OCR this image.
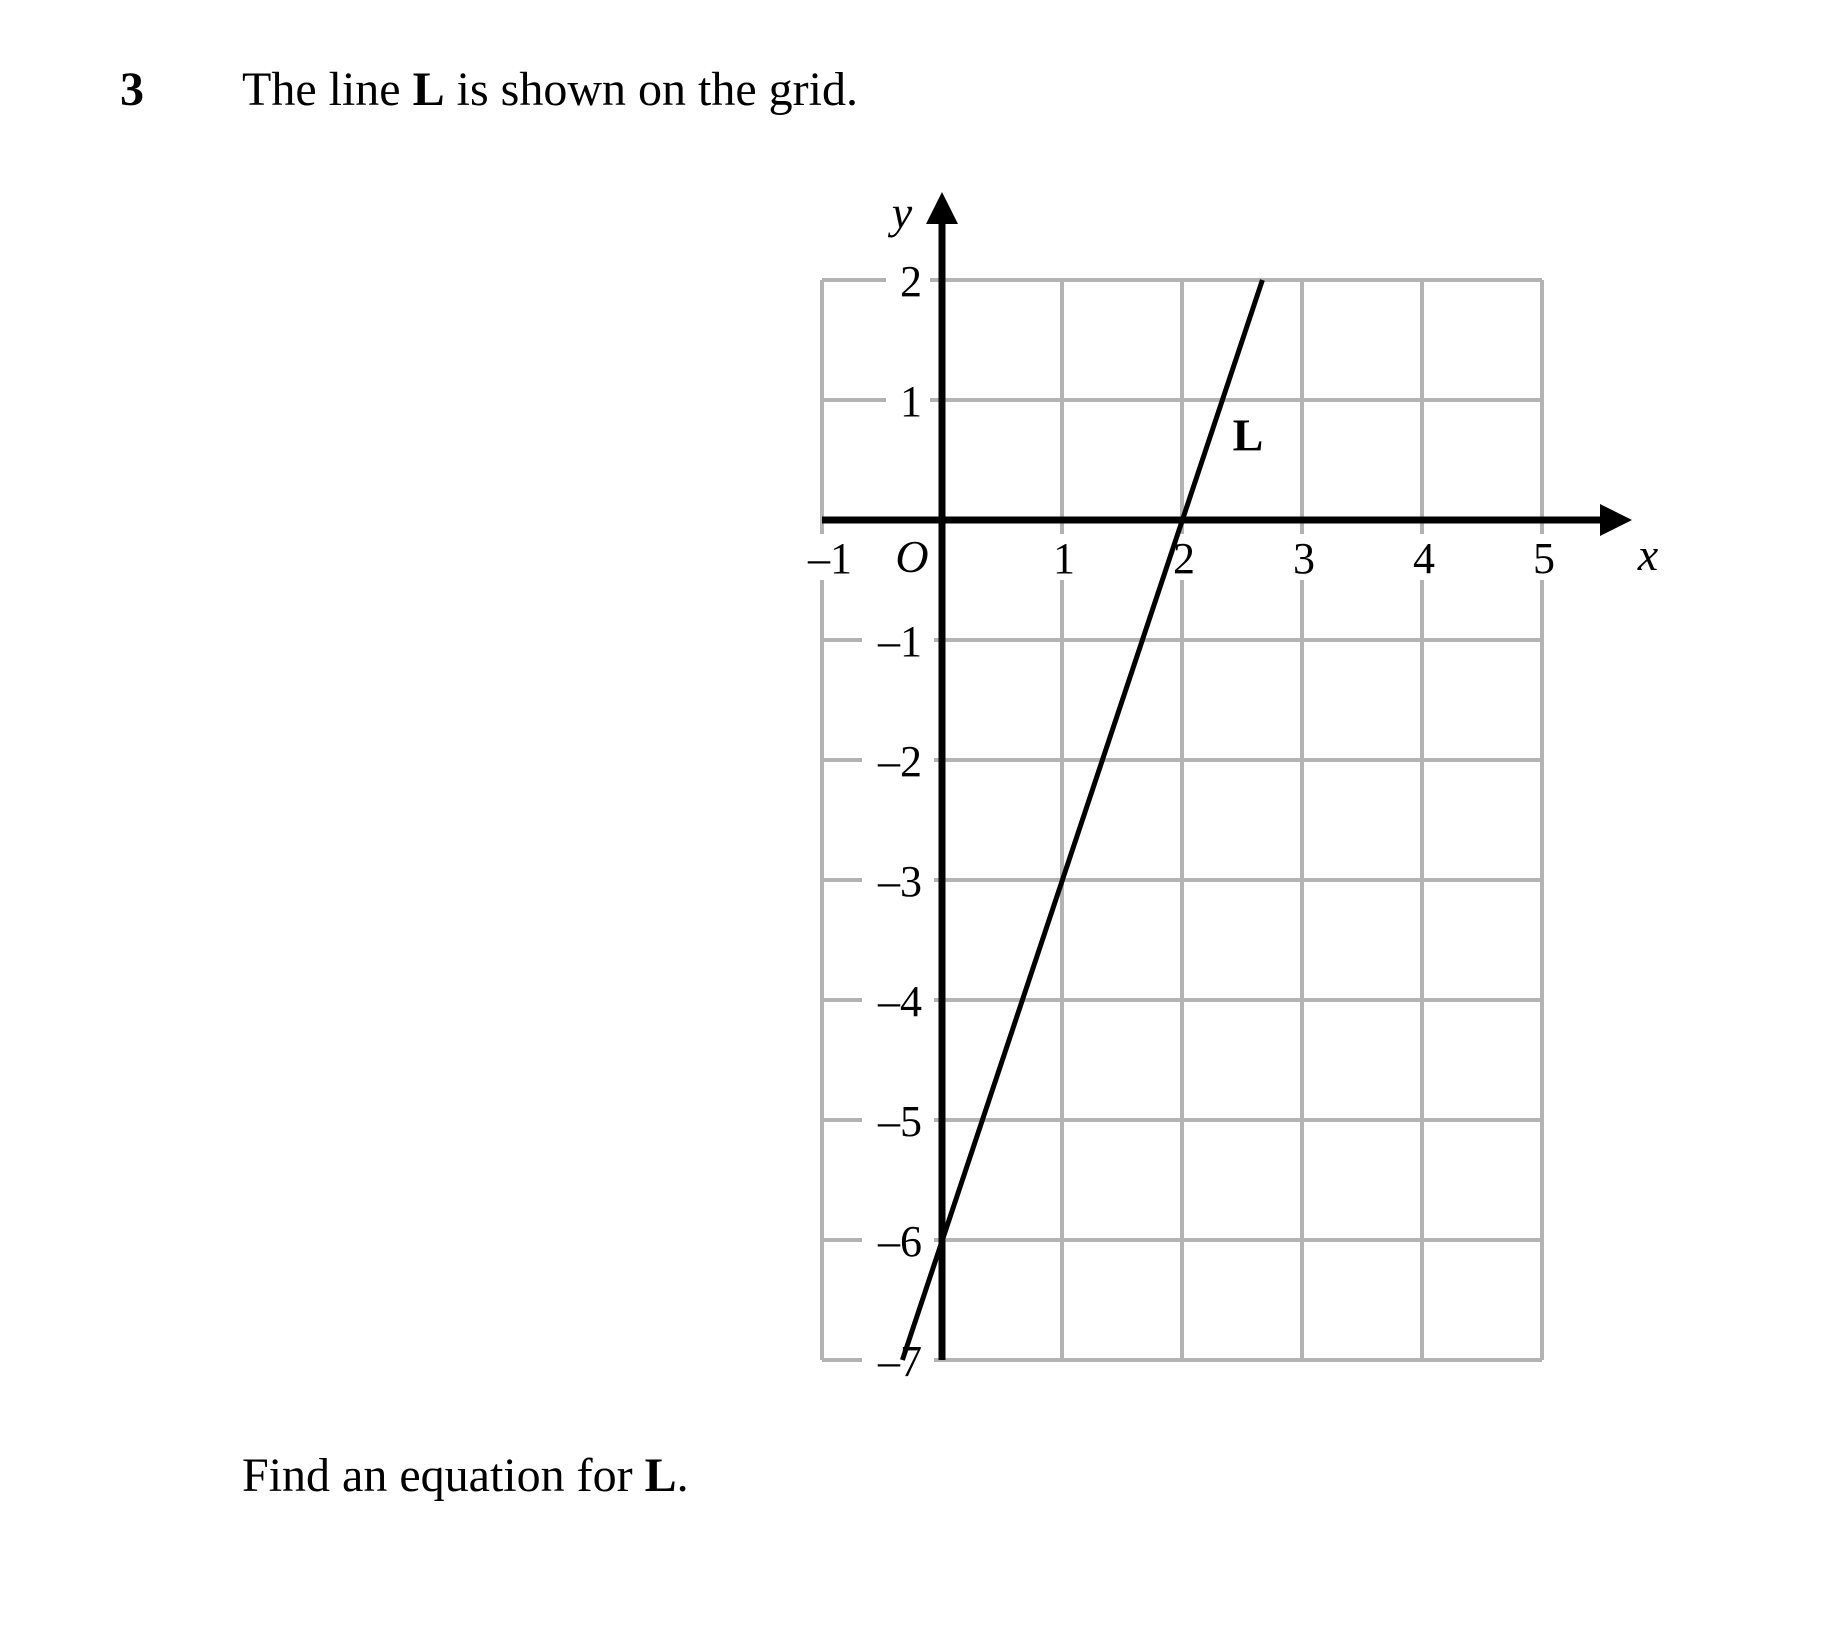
3 The line L is shown on the grid.
–1	1 2 3 4 5
2
1
–1
–2
–3
–4
–5
–6
–7
O	x
y
L
Find an equation for L.
